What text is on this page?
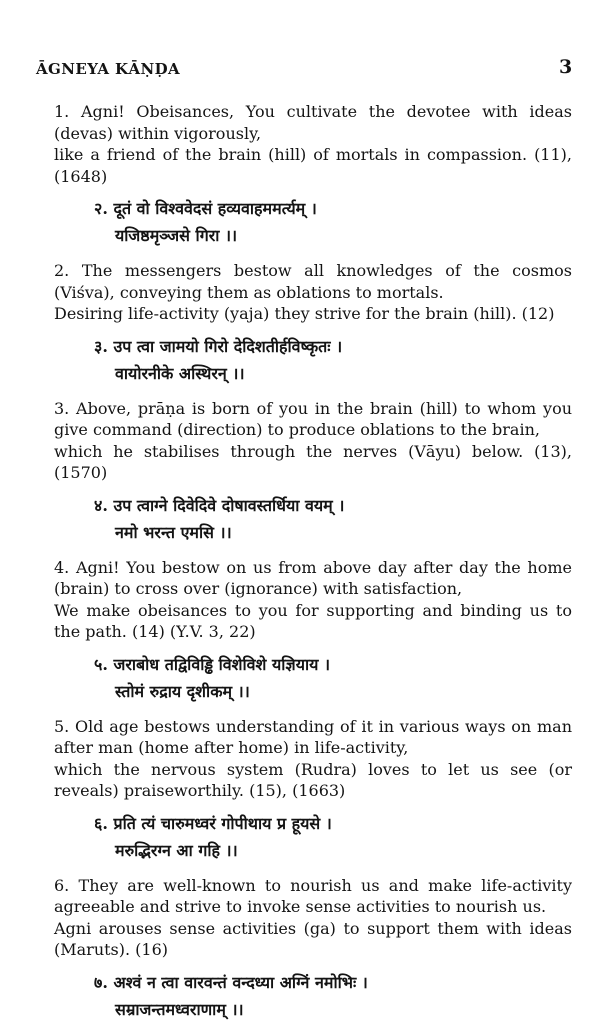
ĀGNEYA KĀṆḌA	3

1. Agni! Obeisances, You cultivate the devotee with ideas (devas) within vigorously,

like a friend of the brain (hill) of mortals in compassion. (11), (1648)

२. दूतं वो विश्ववेदसं हव्यवाहममर्त्यम् ।
यजिष्ठमृञ्जसे गिरा ।।

2. The messengers bestow all knowledges of the cosmos (Viśva), conveying them as oblations to mortals.

Desiring life-activity (yaja) they strive for the brain (hill). (12)

३. उप त्वा जामयो गिरो देदिशतीर्हविष्कृतः ।
वायोरनीके अस्थिरन् ।।

3. Above, prāṇa is born of you in the brain (hill) to whom you give command (direction) to produce oblations to the brain,

which he stabilises through the nerves (Vāyu) below. (13),(1570)

४. उप त्वाग्ने दिवेदिवे दोषावस्तर्धिया वयम् ।
नमो भरन्त एमसि ।।

4. Agni! You bestow on us from above day after day the home (brain) to cross over (ignorance) with satisfaction,

We make obeisances to you for supporting and binding us to the path. (14) (Y.V. 3, 22)

५. जराबोध तद्विविड्ढि विशेविशे यज्ञियाय ।
स्तोमं रुद्राय दृशीकम् ।।

5. Old age bestows understanding of it in various ways on man after man (home after home) in life-activity,

which the nervous system (Rudra) loves to let us see (or reveals) praiseworthily. (15), (1663)

६. प्रति त्यं चारुमध्वरं गोपीथाय प्र हूयसे ।
मरुद्भिरग्न आ गहि ।।

6. They are well-known to nourish us and make life-activity agreeable and strive to invoke sense activities to nourish us.

Agni arouses sense activities (ga) to support them with ideas (Maruts). (16)

७. अश्वं न त्वा वारवन्तं वन्दध्या अग्निं नमोभिः ।
सम्राजन्तमध्वराणाम् ।।
